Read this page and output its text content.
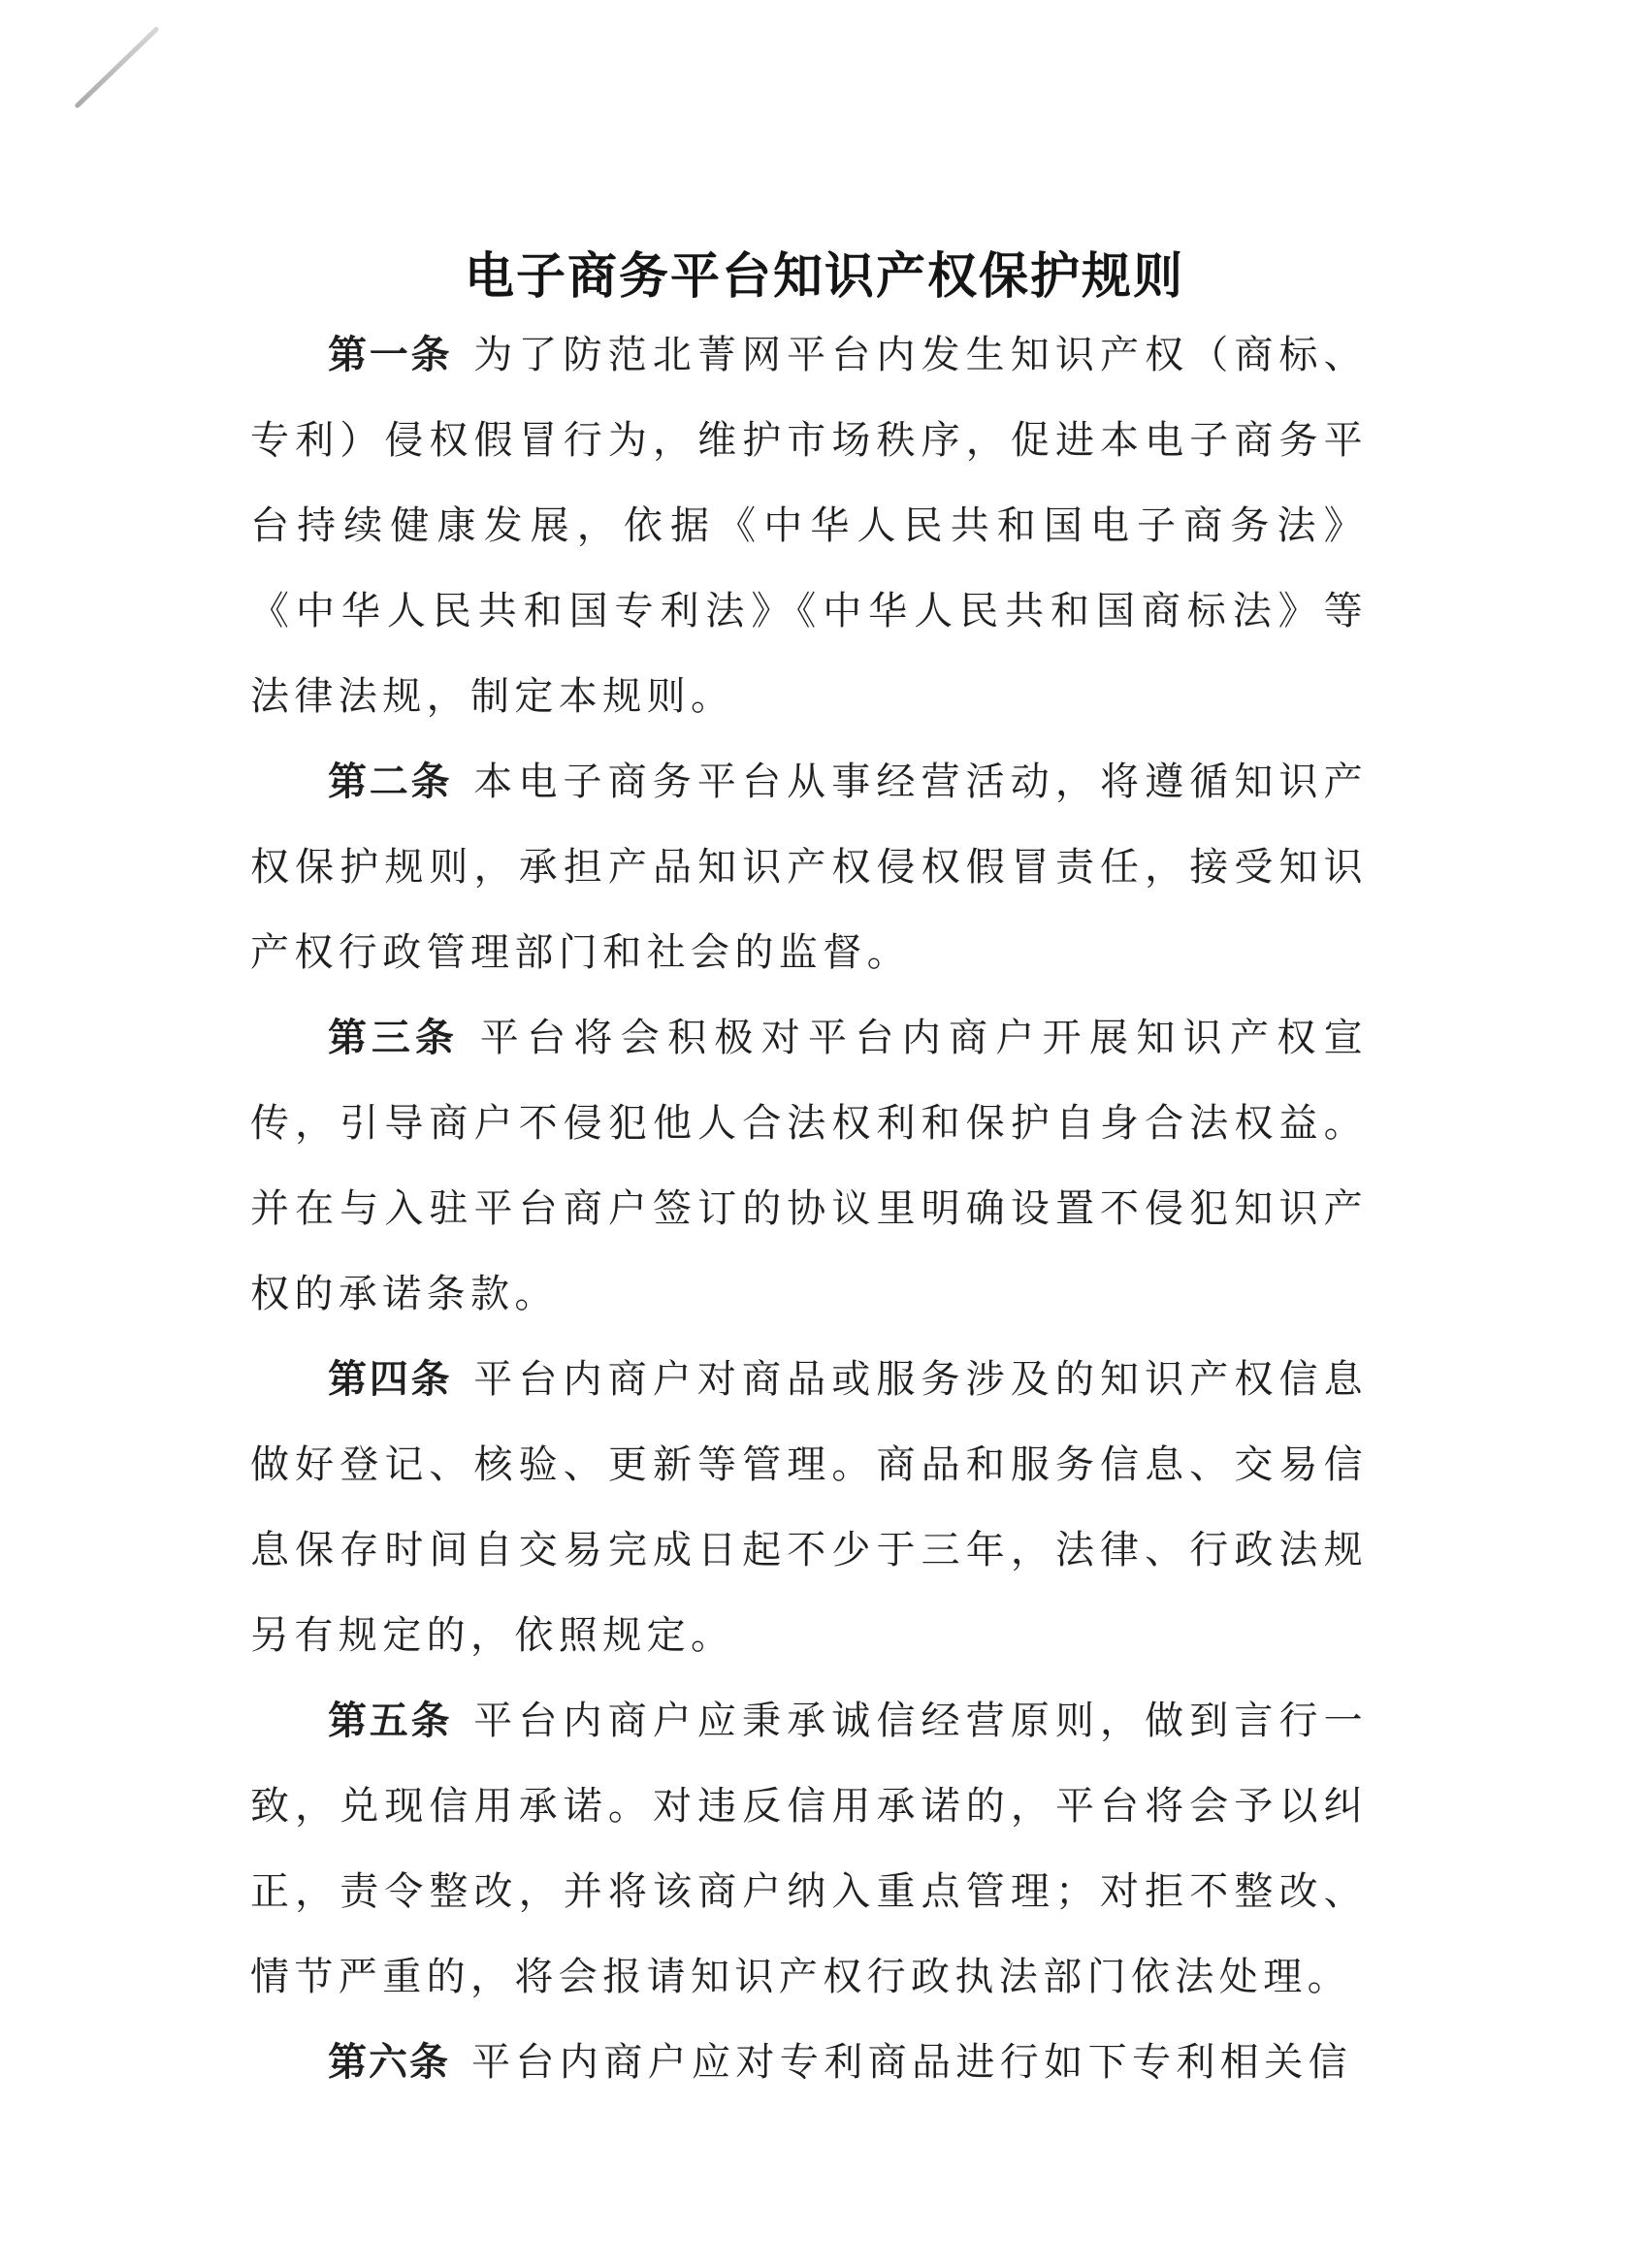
电子商务平台知识产权保护规则

第一条 为了防范北菁网平台内发生知识产权（商标、专利）侵权假冒行为，维护市场秩序，促进本电子商务平台持续健康发展，依据《中华人民共和国电子商务法》《中华人民共和国专利法》《中华人民共和国商标法》等法律法规，制定本规则。

第二条 本电子商务平台从事经营活动，将遵循知识产权保护规则，承担产品知识产权侵权假冒责任，接受知识产权行政管理部门和社会的监督。

第三条 平台将会积极对平台内商户开展知识产权宣传，引导商户不侵犯他人合法权利和保护自身合法权益。并在与入驻平台商户签订的协议里明确设置不侵犯知识产权的承诺条款。

第四条 平台内商户对商品或服务涉及的知识产权信息做好登记、核验、更新等管理。商品和服务信息、交易信息保存时间自交易完成日起不少于三年，法律、行政法规另有规定的，依照规定。

第五条 平台内商户应秉承诚信经营原则，做到言行一致，兑现信用承诺。对违反信用承诺的，平台将会予以纠正，责令整改，并将该商户纳入重点管理；对拒不整改、情节严重的，将会报请知识产权行政执法部门依法处理。

第六条 平台内商户应对专利商品进行如下专利相关信
